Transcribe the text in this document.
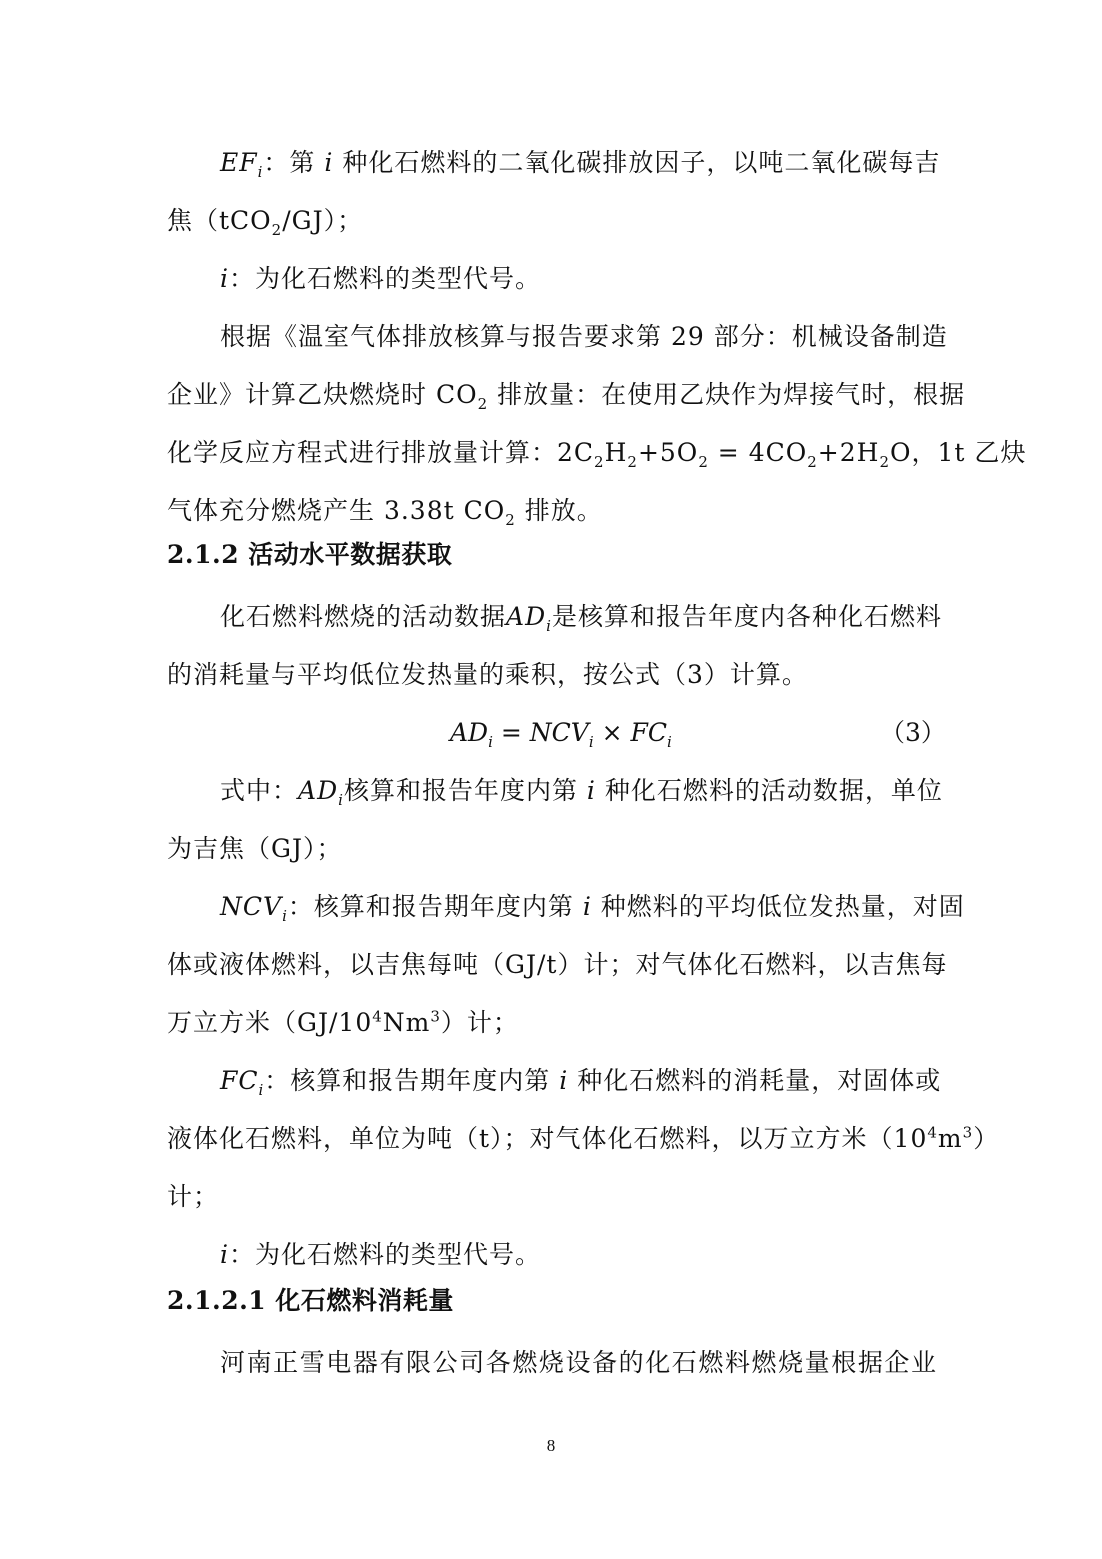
$EF_i$：第 i 种化石燃料的二氧化碳排放因子，以吨二氧化碳每吉
焦（tCO$_2$/GJ）；
i：为化石燃料的类型代号。
根据《温室气体排放核算与报告要求第 29 部分：机械设备制造
企业》计算乙炔燃烧时 $CO_2$ 排放量：在使用乙炔作为焊接气时，根据
化学反应方程式进行排放量计算：$2C_2H_2+5O_2 = 4CO_2+2H_2O$，1t 乙炔
气体充分燃烧产生 3.38t $CO_2$ 排放。
2.1.2 活动水平数据获取
化石燃料燃烧的活动数据$AD_i$是核算和报告年度内各种化石燃料
的消耗量与平均低位发热量的乘积，按公式（3）计算。
$AD_i = NCV_i \times FC_i$	（3）
式中：$AD_i$核算和报告年度内第 i 种化石燃料的活动数据，单位
为吉焦（GJ）；
$NCV_i$：核算和报告期年度内第 i 种燃料的平均低位发热量，对固
体或液体燃料，以吉焦每吨（GJ/t）计；对气体化石燃料，以吉焦每
万立方米$(GJ/10^4Nm^3)$计；
$FC_i$：核算和报告期年度内第 i 种化石燃料的消耗量，对固体或
液体化石燃料，单位为吨（t）；对气体化石燃料，以万立方米$(10^4m^3)$
计；
i：为化石燃料的类型代号。
2.1.2.1 化石燃料消耗量
河南正雪电器有限公司各燃烧设备的化石燃料燃烧量根据企业
8
